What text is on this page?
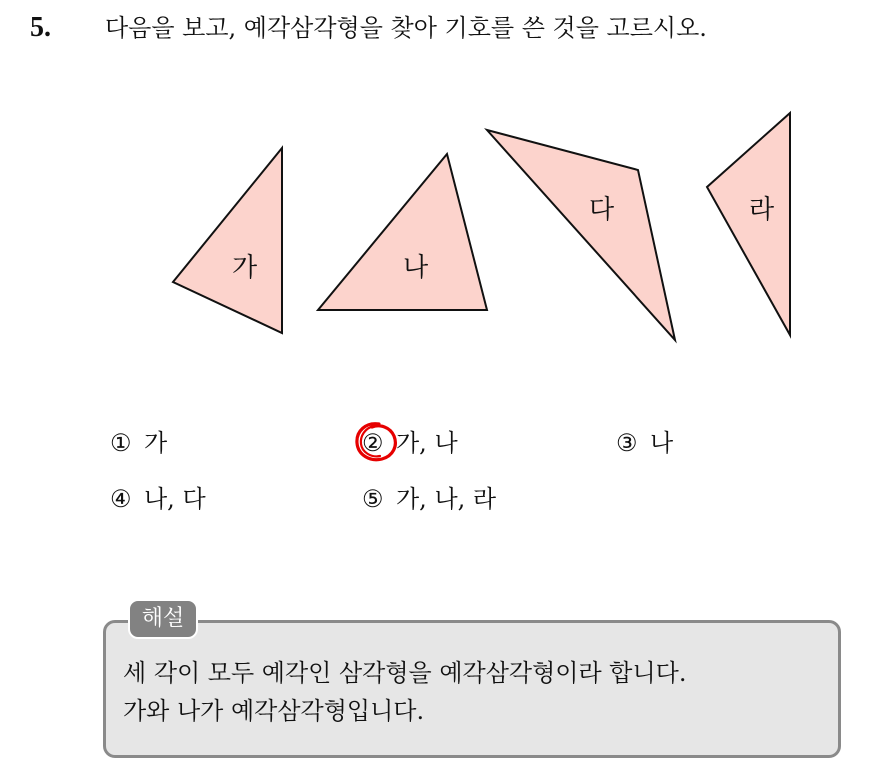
5. 다음을 보고, 예각삼각형을 찾아 기호를 쓴 것을 고르시오.
가	나
다	라
① 가	② 가, 나	③ 나
④ 나, 다	⑤ 가, 나, 라
해설
세 각이 모두 예각인 삼각형을 예각삼각형이라 합니다.
가와 나가 예각삼각형입니다.
